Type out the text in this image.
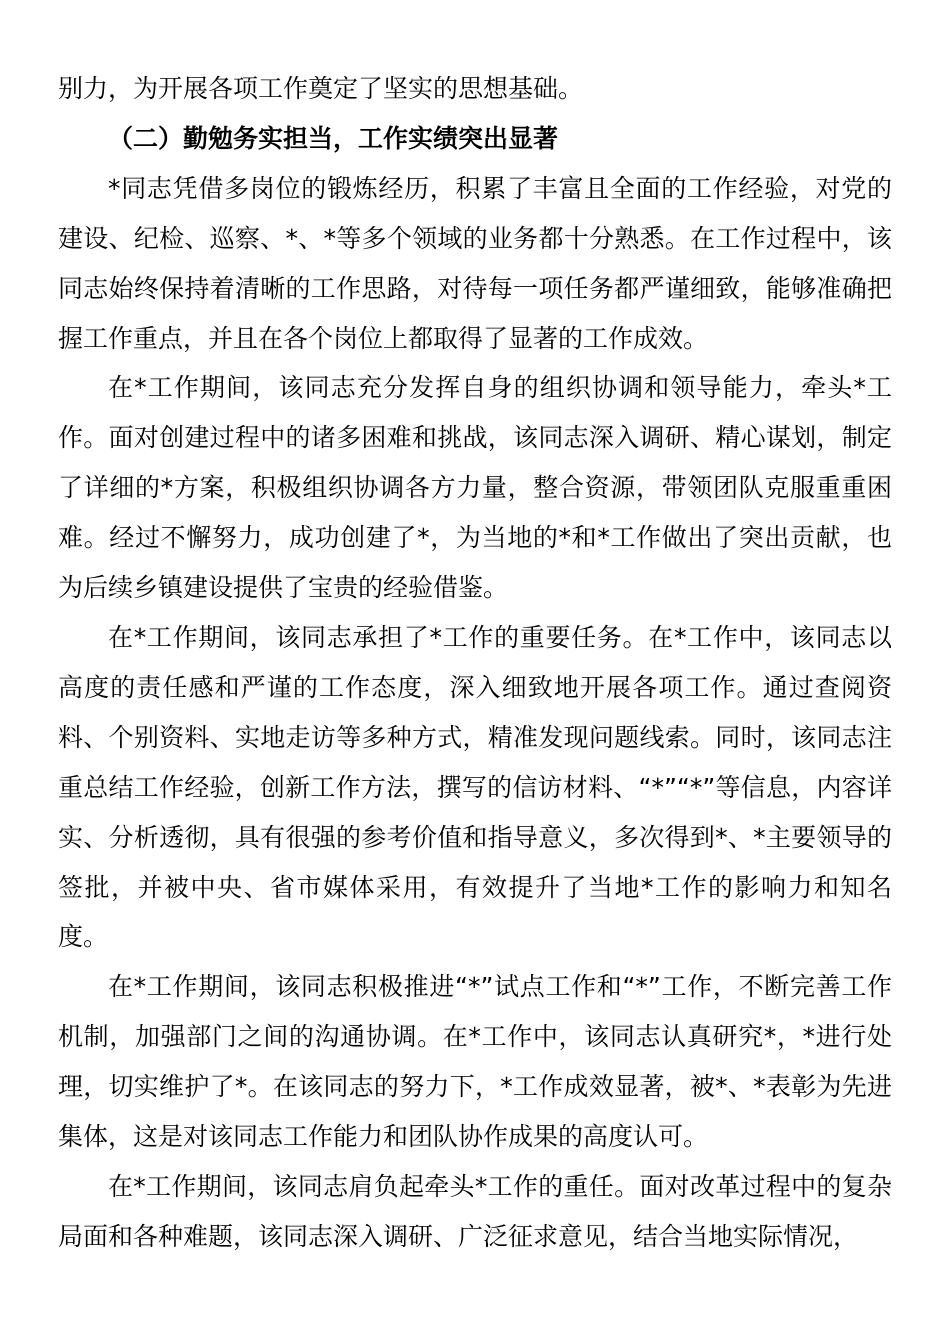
别力，为开展各项工作奠定了坚实的思想基础。

（二）勤勉务实担当，工作实绩突出显著

*同志凭借多岗位的锻炼经历，积累了丰富且全面的工作经验，对党的建设、纪检、巡察、*、*等多个领域的业务都十分熟悉。在工作过程中，该同志始终保持着清晰的工作思路，对待每一项任务都严谨细致，能够准确把握工作重点，并且在各个岗位上都取得了显著的工作成效。

在*工作期间，该同志充分发挥自身的组织协调和领导能力，牵头*工作。面对创建过程中的诸多困难和挑战，该同志深入调研、精心谋划，制定了详细的*方案，积极组织协调各方力量，整合资源，带领团队克服重重困难。经过不懈努力，成功创建了*，为当地的*和*工作做出了突出贡献，也为后续乡镇建设提供了宝贵的经验借鉴。

在*工作期间，该同志承担了*工作的重要任务。在*工作中，该同志以高度的责任感和严谨的工作态度，深入细致地开展各项工作。通过查阅资料、个别资料、实地走访等多种方式，精准发现问题线索。同时，该同志注重总结工作经验，创新工作方法，撰写的信访材料、“*”“*”等信息，内容详实、分析透彻，具有很强的参考价值和指导意义，多次得到*、*主要领导的签批，并被中央、省市媒体采用，有效提升了当地*工作的影响力和知名度。

在*工作期间，该同志积极推进“*”试点工作和“*”工作，不断完善工作机制，加强部门之间的沟通协调。在*工作中，该同志认真研究*，*进行处理，切实维护了*。在该同志的努力下，*工作成效显著，被*、*表彰为先进集体，这是对该同志工作能力和团队协作成果的高度认可。

在*工作期间，该同志肩负起牵头*工作的重任。面对改革过程中的复杂局面和各种难题，该同志深入调研、广泛征求意见，结合当地实际情况，
